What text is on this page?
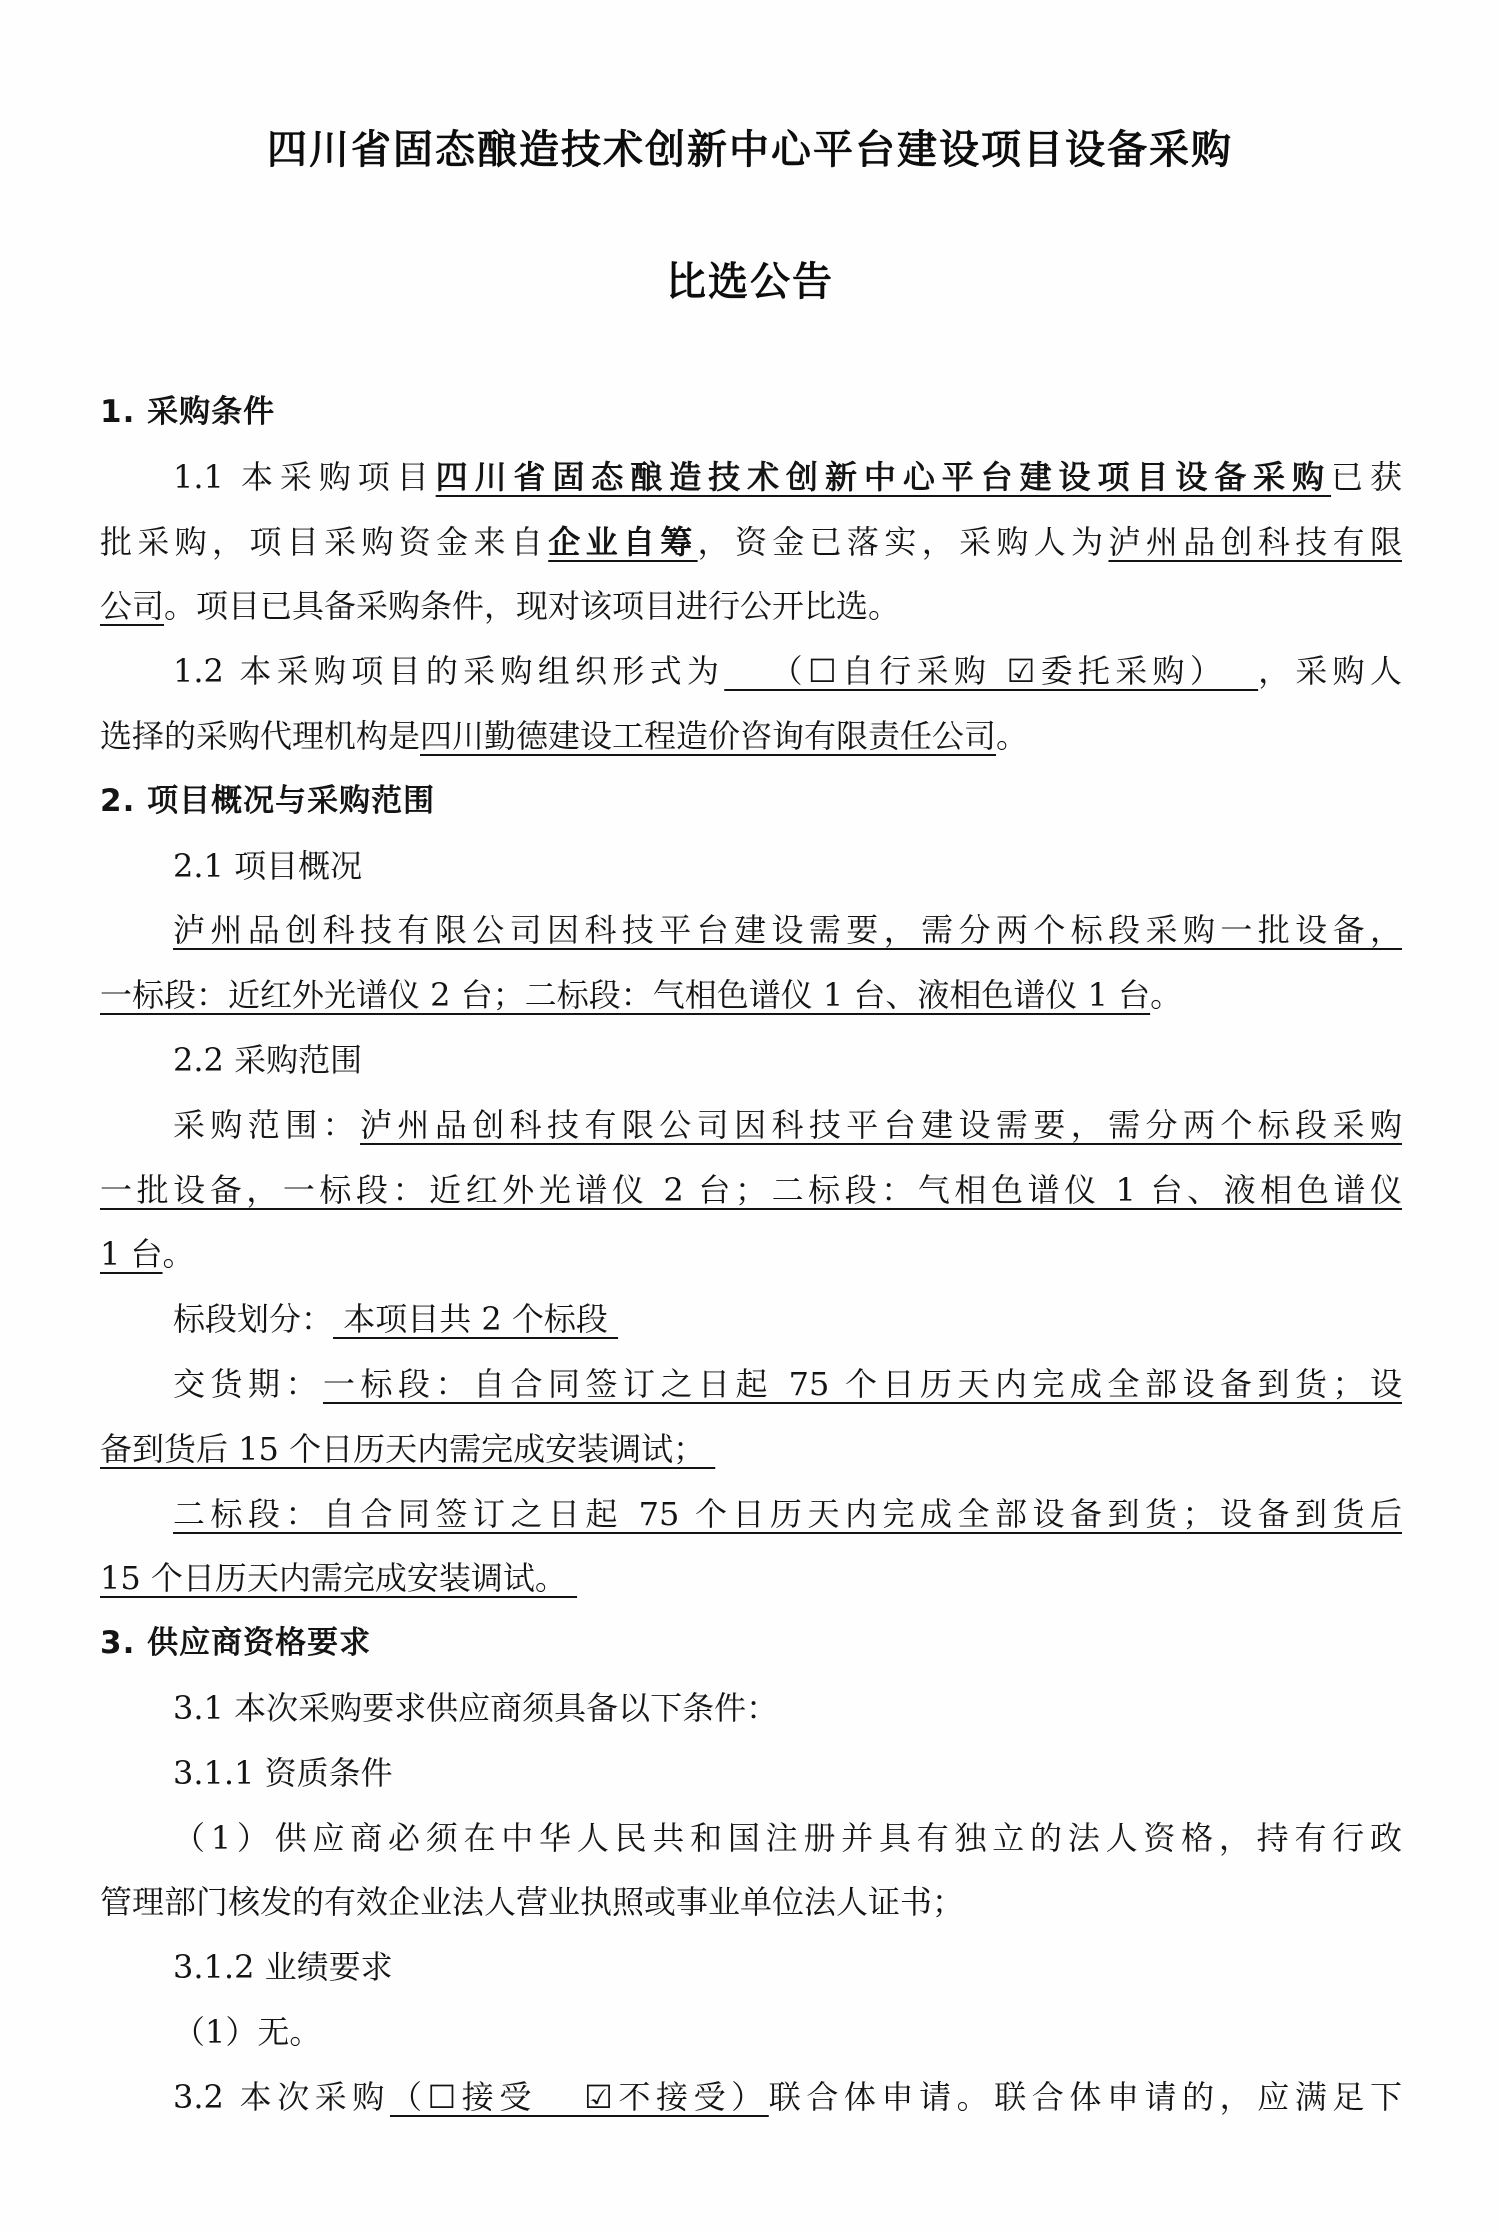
四川省固态酿造技术创新中心平台建设项目设备采购
比选公告
1. 采购条件
1.1 本采购项目四川省固态酿造技术创新中心平台建设项目设备采购已获
批采购，项目采购资金来自企业自筹，资金已落实，采购人为泸州品创科技有限
公司。项目已具备采购条件，现对该项目进行公开比选。
1.2 本采购项目的采购组织形式为   （☐自行采购 ☑委托采购）  ，采购人
选择的采购代理机构是四川勤德建设工程造价咨询有限责任公司。
2. 项目概况与采购范围
2.1 项目概况
泸州品创科技有限公司因科技平台建设需要，需分两个标段采购一批设备，
一标段：近红外光谱仪 2 台；二标段：气相色谱仪 1 台、液相色谱仪 1 台。
2.2 采购范围
采购范围：泸州品创科技有限公司因科技平台建设需要，需分两个标段采购
一批设备，一标段：近红外光谱仪 2 台；二标段：气相色谱仪 1 台、液相色谱仪
1 台。
标段划分： 本项目共 2 个标段
交货期：一标段：自合同签订之日起 75 个日历天内完成全部设备到货；设
备到货后 15 个日历天内需完成安装调试；
二标段：自合同签订之日起 75 个日历天内完成全部设备到货；设备到货后
15 个日历天内需完成安装调试。
3. 供应商资格要求
3.1 本次采购要求供应商须具备以下条件：
3.1.1 资质条件
（1）供应商必须在中华人民共和国注册并具有独立的法人资格，持有行政
管理部门核发的有效企业法人营业执照或事业单位法人证书；
3.1.2 业绩要求
（1）无。
3.2 本次采购（☐接受   ☑不接受）联合体申请。联合体申请的，应满足下
